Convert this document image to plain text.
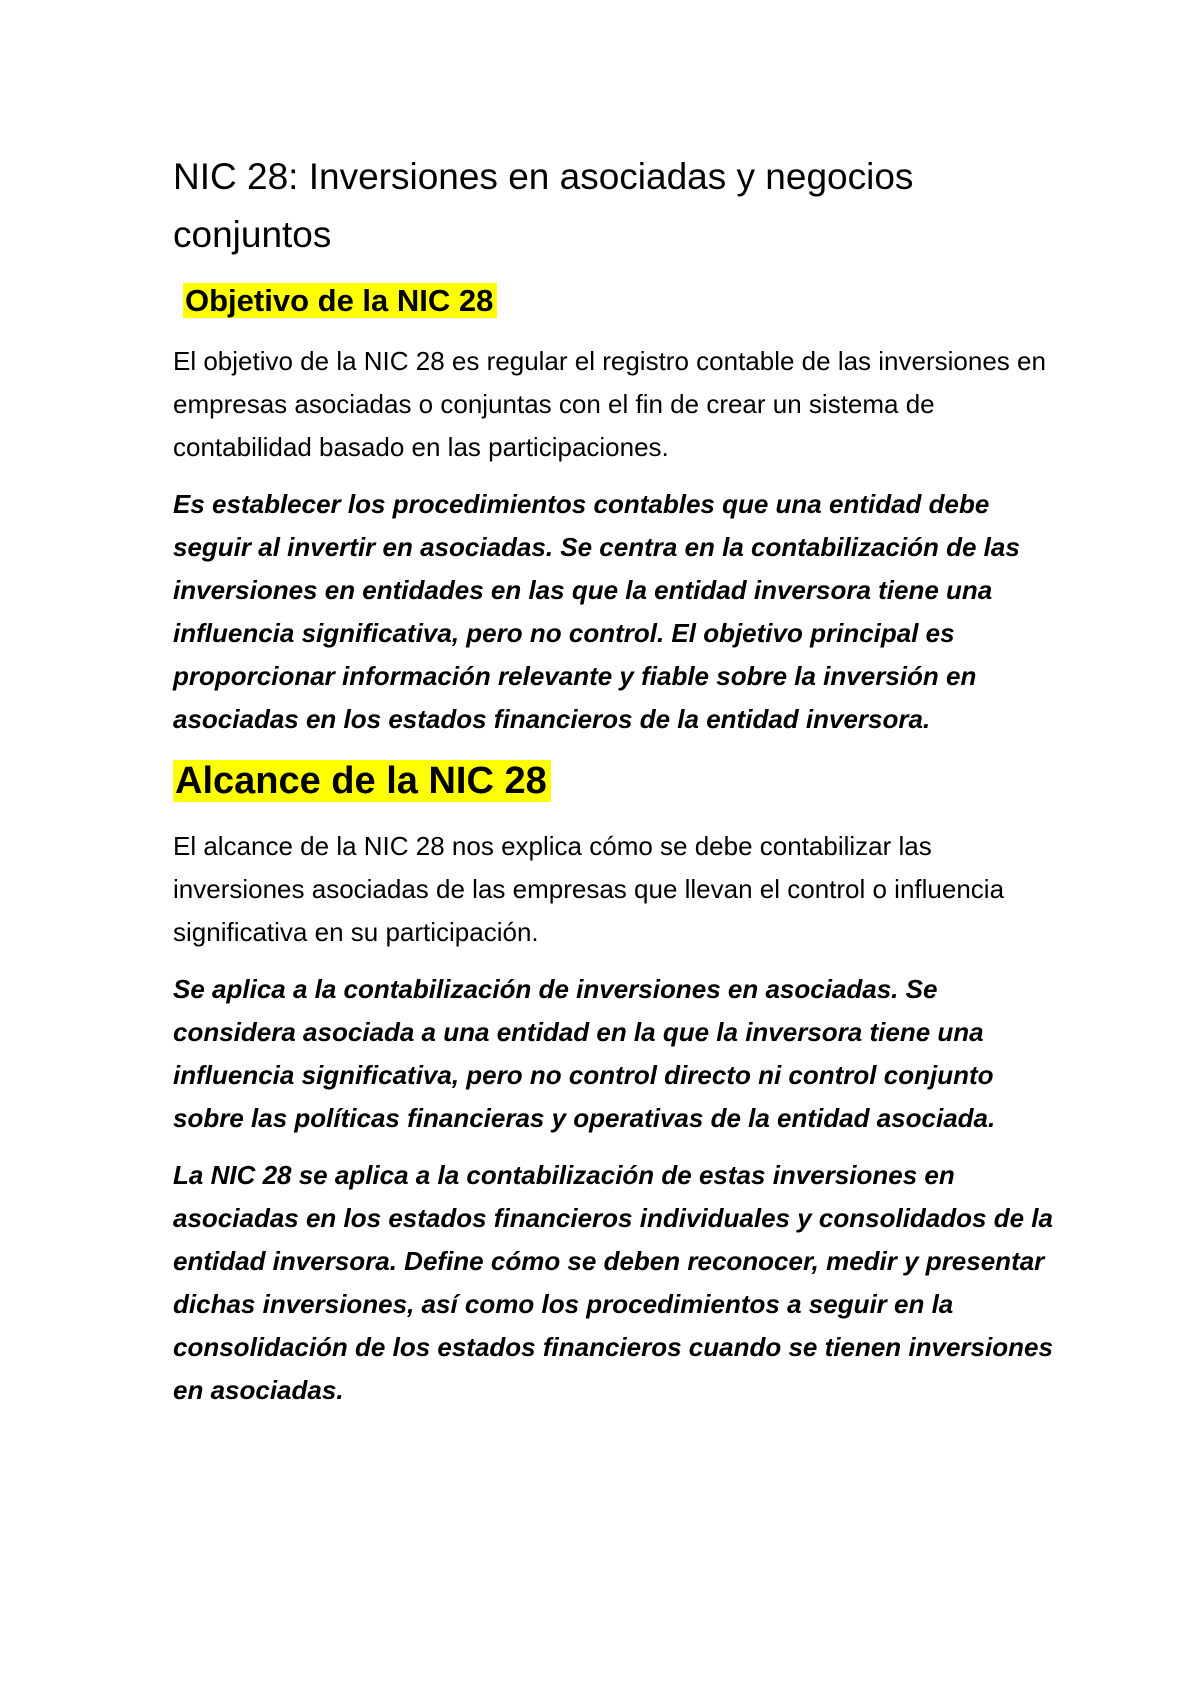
NIC 28: Inversiones en asociadas y negocios conjuntos
Objetivo de la NIC 28

El objetivo de la NIC 28 es regular el registro contable de las inversiones en empresas asociadas o conjuntas con el fin de crear un sistema de contabilidad basado en las participaciones.

Es establecer los procedimientos contables que una entidad debe seguir al invertir en asociadas. Se centra en la contabilización de las inversiones en entidades en las que la entidad inversora tiene una influencia significativa, pero no control. El objetivo principal es proporcionar información relevante y fiable sobre la inversión en asociadas en los estados financieros de la entidad inversora.

Alcance de la NIC 28

El alcance de la NIC 28 nos explica cómo se debe contabilizar las inversiones asociadas de las empresas que llevan el control o influencia significativa en su participación.

Se aplica a la contabilización de inversiones en asociadas. Se considera asociada a una entidad en la que la inversora tiene una influencia significativa, pero no control directo ni control conjunto sobre las políticas financieras y operativas de la entidad asociada.

La NIC 28 se aplica a la contabilización de estas inversiones en asociadas en los estados financieros individuales y consolidados de la entidad inversora. Define cómo se deben reconocer, medir y presentar dichas inversiones, así como los procedimientos a seguir en la consolidación de los estados financieros cuando se tienen inversiones en asociadas.
